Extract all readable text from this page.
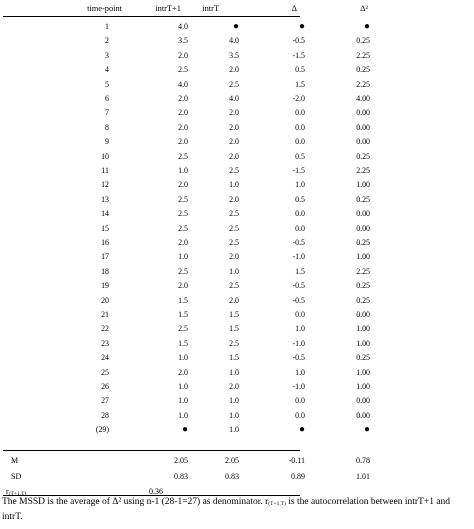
time-point	intrT+1	intrT	Δ	Δ²
1	4.0	●	●	●
2	3.5	4.0	-0.5	0.25
3	2.0	3.5	-1.5	2.25
4	2.5	2.0	0.5	0.25
5	4.0	2.5	1.5	2.25
6	2.0	4.0	-2.0	4.00
7	2.0	2.0	0.0	0.00
8	2.0	2.0	0.0	0.00
9	2.0	2.0	0.0	0.00
10	2.5	2.0	0.5	0.25
11	1.0	2.5	-1.5	2.25
12	2.0	1.0	1.0	1.00
13	2.5	2.0	0.5	0.25
14	2.5	2.5	0.0	0.00
15	2.5	2.5	0.0	0.00
16	2.0	2.5	-0.5	0.25
17	1.0	2.0	-1.0	1.00
18	2.5	1.0	1.5	2.25
19	2.0	2.5	-0.5	0.25
20	1.5	2.0	-0.5	0.25
21	1.5	1.5	0.0	0.00
22	2.5	1.5	1.0	1.00
23	1.5	2.5	-1.0	1.00
24	1.0	1.5	-0.5	0.25
25	2.0	1.0	1.0	1.00
26	1.0	2.0	-1.0	1.00
27	1.0	1.0	0.0	0.00
28	1.0	1.0	0.0	0.00
(29)	●	1.0	●	●
M	2.05	2.05	-0.11	0.78
SD	0.83	0.83	0.89	1.01
r(T+1,T)	0.36
The MSSD is the average of Δ² using n-1 (28-1=27) as denominator. r(T+1,T) is the autocorrelation between intrT+1 and intrT.
